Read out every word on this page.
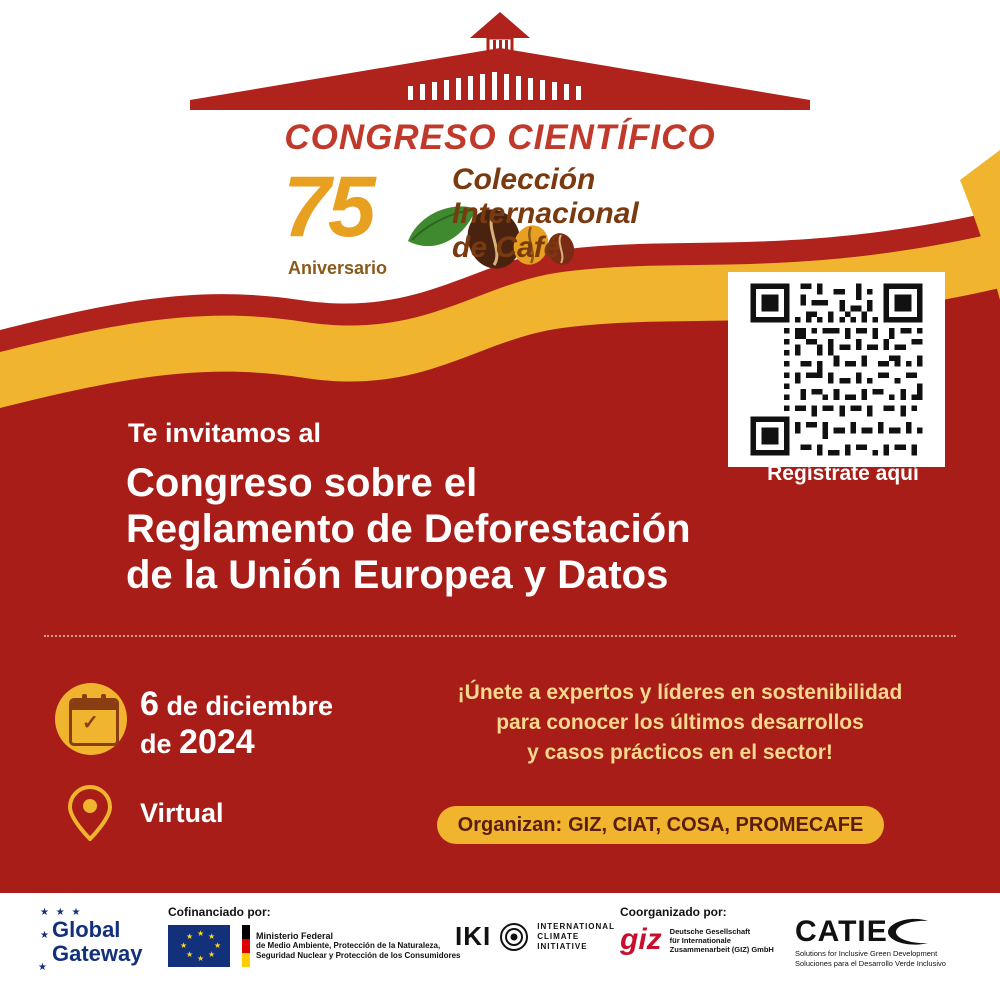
CONGRESO CIENTÍFICO
75
Aniversario
Colección
Internacional
de Café
Regístrate aquí
Te invitamos al
Congreso sobre el
Reglamento de Deforestación
de la Unión Europea y Datos
✓ 6 de diciembre
de 2024
Virtual
¡Únete a expertos y líderes en sostenibilidad
para conocer los últimos desarrollos
y casos prácticos en el sector!
Organizan: GIZ, CIAT, COSA, PROMECAFE
★ ★ ★
★ Global
Gateway
★
Cofinanciado por:
★ ★
★
★
★
★
★
★	Ministerio Federal
de Medio Ambiente, Protección de la Naturaleza,
Seguridad Nuclear y Protección de los Consumidores
IKI	INTERNATIONAL
CLIMATE
INITIATIVE
Coorganizado por:
giz Deutsche Gesellschaft
für Internationale
Zusammenarbeit (GIZ) GmbH
CATIE
Solutions for Inclusive Green Development
Soluciones para el Desarrollo Verde Inclusivo
